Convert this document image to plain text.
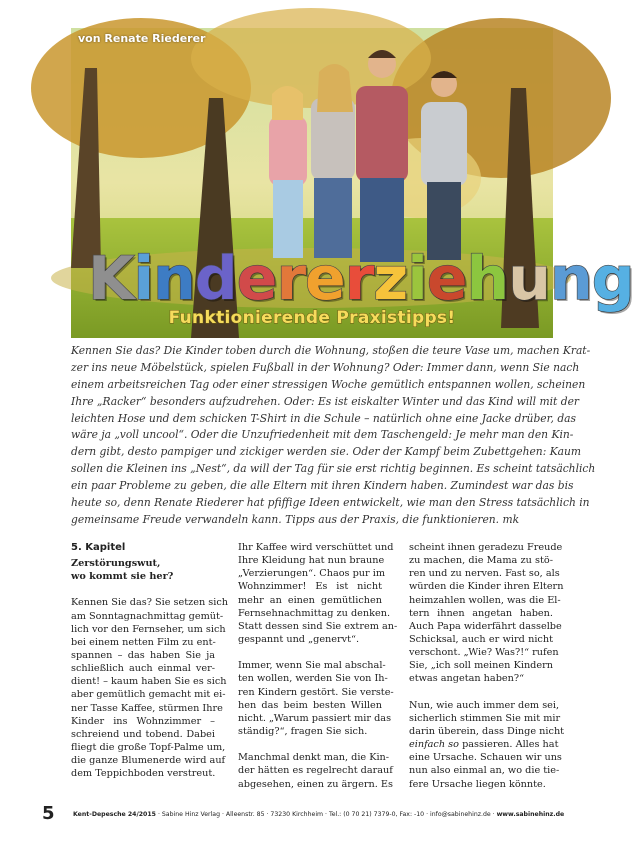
von Renate Riederer
Kindererziehung
Funktionierende Praxistipps!
Kennen Sie das? Die Kinder toben durch die Wohnung, stoßen die teure Vase um, machen Krat-
zer ins neue Möbelstück, spielen Fußball in der Wohnung? Oder: Immer dann, wenn Sie nach
einem arbeitsreichen Tag oder einer stressigen Woche gemütlich entspannen wollen, scheinen
Ihre „Racker“ besonders aufzudrehen. Oder: Es ist eiskalter Winter und das Kind will mit der
leichten Hose und dem schicken T-Shirt in die Schule – natürlich ohne eine Jacke drüber, das
wäre ja „voll uncool“. Oder die Unzufriedenheit mit dem Taschengeld: Je mehr man den Kin-
dern gibt, desto pampiger und zickiger werden sie. Oder der Kampf beim Zubettgehen: Kaum
sollen die Kleinen ins „Nest“, da will der Tag für sie erst richtig beginnen. Es scheint tatsächlich
ein paar Probleme zu geben, die alle Eltern mit ihren Kindern haben. Zumindest war das bis
heute so, denn Renate Riederer hat pfiffige Ideen entwickelt, wie man den Stress tatsächlich in
gemeinsame Freude verwandeln kann. Tipps aus der Praxis, die funktionieren. mk
5. Kapitel
Zerstörungswut,
wo kommt sie her?
Kennen Sie das? Sie setzen sich
am Sonntagnachmittag gemüt-
lich vor den Fernseher, um sich
bei einem netten Film zu ent-
spannen – das haben Sie ja
schließlich auch einmal ver-
dient! – kaum haben Sie es sich
aber gemütlich gemacht mit ei-
ner Tasse Kaffee, stürmen Ihre
Kinder ins Wohnzimmer –
schreiend und tobend. Dabei
fliegt die große Topf-Palme um,
die ganze Blumenerde wird auf
dem Teppichboden verstreut.
Ihr Kaffee wird verschüttet und
Ihre Kleidung hat nun braune
„Verzierungen“. Chaos pur im
Wohnzimmer! Es ist nicht
mehr an einen gemütlichen
Fernsehnachmittag zu denken.
Statt dessen sind Sie extrem an-
gespannt und „genervt“.
Immer, wenn Sie mal abschal-
ten wollen, werden Sie von Ih-
ren Kindern gestört. Sie verste-
hen das beim besten Willen
nicht. „Warum passiert mir das
ständig?“, fragen Sie sich.
Manchmal denkt man, die Kin-
der hätten es regelrecht darauf
abgesehen, einen zu ärgern. Es
scheint ihnen geradezu Freude
zu machen, die Mama zu stö-
ren und zu nerven. Fast so, als
würden die Kinder ihren Eltern
heimzahlen wollen, was die El-
tern ihnen angetan haben.
Auch Papa widerfährt dasselbe
Schicksal, auch er wird nicht
verschont. „Wie? Was?!“ rufen
Sie, „ich soll meinen Kindern
etwas angetan haben?“
Nun, wie auch immer dem sei,
sicherlich stimmen Sie mit mir
darin überein, dass Dinge nicht
einfach so passieren. Alles hat
eine Ursache. Schauen wir uns
nun also einmal an, wo die tie-
fere Ursache liegen könnte.
5	Kent-Depesche 24/2015 · Sabine Hinz Verlag · Alleenstr. 85 · 73230 Kirchheim · Tel.: (0 70 21) 7379-0, Fax: -10 · info@sabinehinz.de · www.sabinehinz.de
